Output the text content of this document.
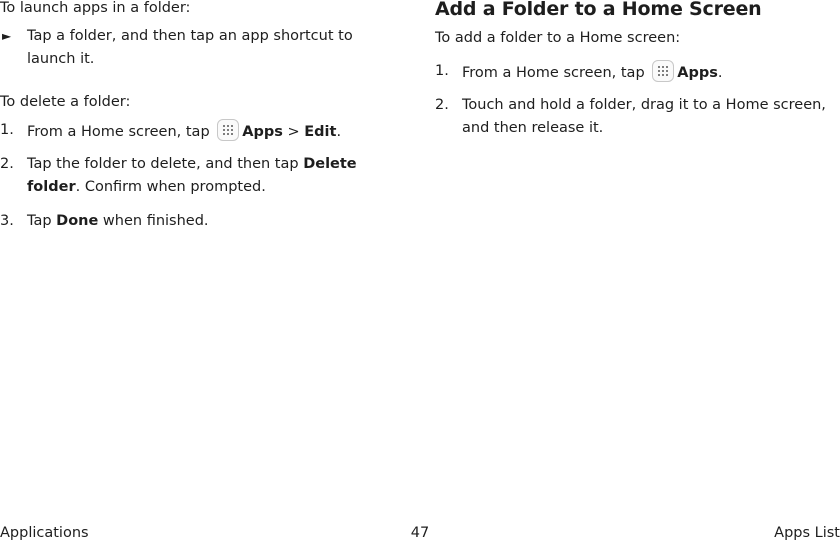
To launch apps in a folder:

►	Tap a folder, and then tap an app shortcut to launch it.

To delete a folder:

1. From a Home screen, tap Apps > Edit.
2. Tap the folder to delete, and then tap Delete folder. Confirm when prompted.
3. Tap Done when finished.
Add a Folder to a Home Screen

To add a folder to a Home screen:

1. From a Home screen, tap Apps.
2. Touch and hold a folder, drag it to a Home screen, and then release it.
Applications	47	Apps List
